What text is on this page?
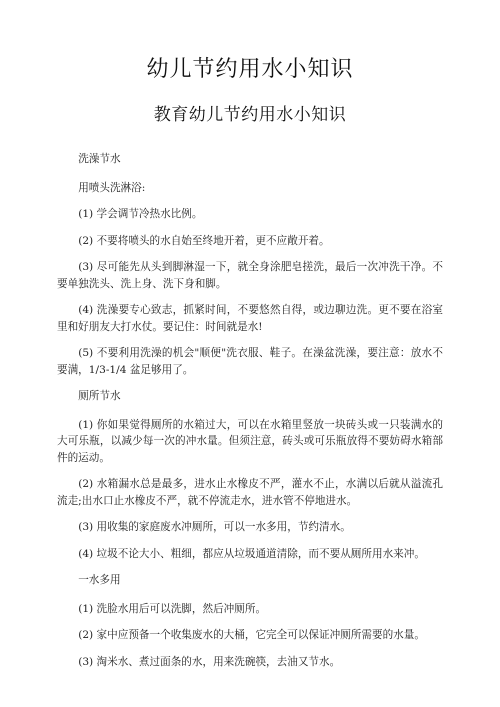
幼儿节约用水小知识
教育幼儿节约用水小知识

洗澡节水

用喷头洗淋浴:

(1) 学会调节冷热水比例。

(2) 不要将喷头的水自始至终地开着，更不应敞开着。

(3) 尽可能先从头到脚淋湿一下，就全身涂肥皂搓洗，最后一次冲洗干净。不要单独洗头、洗上身、洗下身和脚。

(4) 洗澡要专心致志，抓紧时间，不要悠然自得，或边聊边洗。更不要在浴室里和好朋友大打水仗。要记住：时间就是水!

(5) 不要利用洗澡的机会"顺便"洗衣服、鞋子。在澡盆洗澡，要注意：放水不要满，1/3-1/4 盆足够用了。

厕所节水

(1) 你如果觉得厕所的水箱过大，可以在水箱里竖放一块砖头或一只装满水的大可乐瓶，以减少每一次的冲水量。但须注意，砖头或可乐瓶放得不要妨碍水箱部件的运动。

(2) 水箱漏水总是最多，进水止水橡皮不严，灌水不止，水满以后就从溢流孔流走;出水口止水橡皮不严，就不停流走水，进水管不停地进水。

(3) 用收集的家庭废水冲厕所，可以一水多用，节约清水。

(4) 垃圾不论大小、粗细，都应从垃圾通道清除，而不要从厕所用水来冲。

一水多用

(1) 洗脸水用后可以洗脚，然后冲厕所。

(2) 家中应预备一个收集废水的大桶，它完全可以保证冲厕所需要的水量。

(3) 淘米水、煮过面条的水，用来洗碗筷，去油又节水。
